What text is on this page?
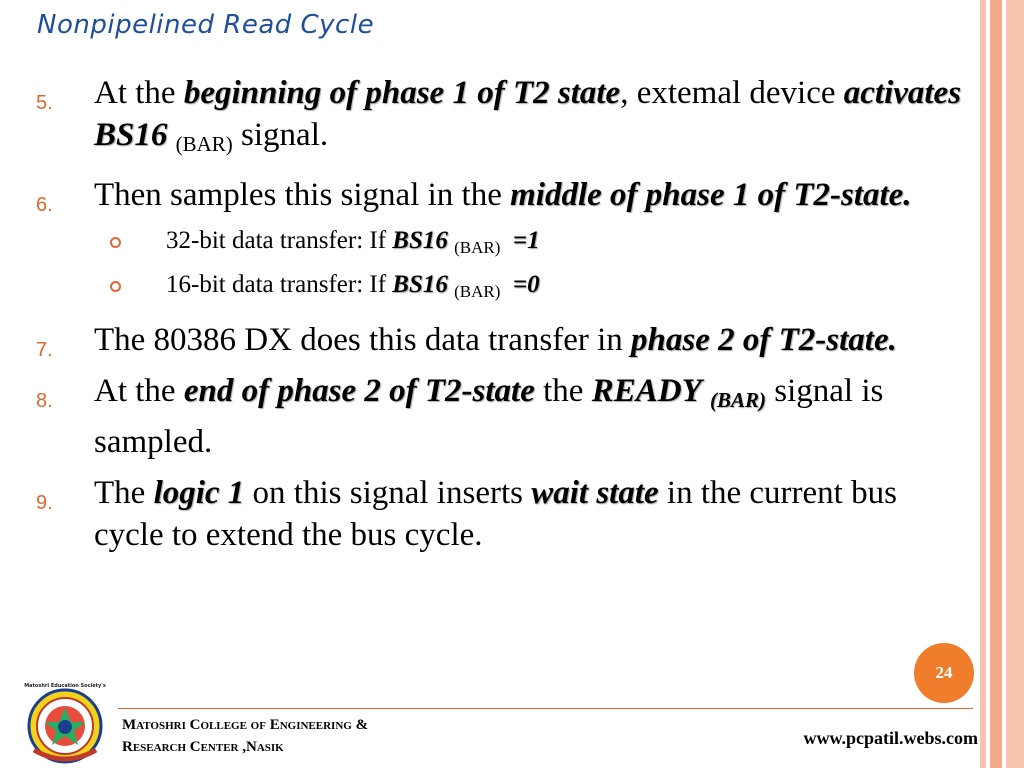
Nonpipelined Read Cycle
5. At the beginning of phase 1 of T2 state, extemal device activates BS16 $_{(BAR)}$ signal.
6. Then samples this signal in the middle of phase 1 of T2-state.
32-bit data transfer: If BS16 $_{(BAR)}$ =1
16-bit data transfer: If BS16 $_{(BAR)}$ =0
7. The 80386 DX does this data transfer in phase 2 of T2-state.
8. At the end of phase 2 of T2-state the READY (BAR) signal is sampled.
9. The logic 1 on this signal inserts wait state in the current bus cycle to extend the bus cycle.
24
Matoshri Education Society's
Matoshri College of Engineering &
Research Center ,Nasik	www.pcpatil.webs.com
